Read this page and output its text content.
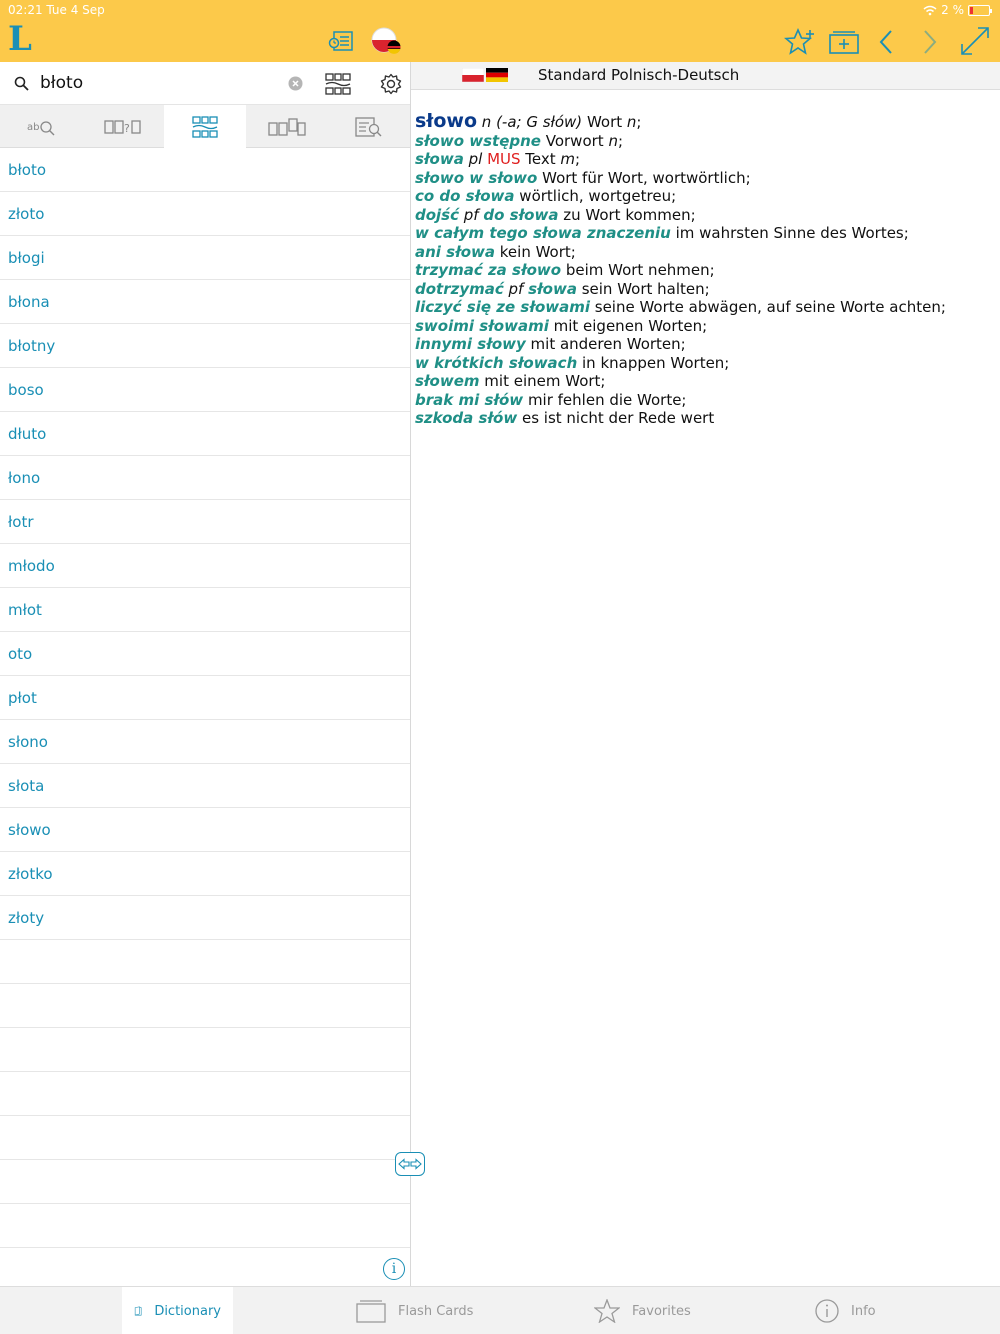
02:21 Tue 4 Sep	2 %
L
błoto
ab	?
błoto
złoto
błogi
błona
błotny
boso
dłuto
łono
łotr
młodo
młot
oto
płot
słono
słota
słowo
złotko
złoty
Standard Polnisch-Deutsch
słowo n (-a; G słów) Wort n;
słowo wstępne Vorwort n;
słowa pl MUS Text m;
słowo w słowo Wort für Wort, wortwörtlich;
co do słowa wörtlich, wortgetreu;
dojść pf do słowa zu Wort kommen;
w całym tego słowa znaczeniu im wahrsten Sinne des Wortes;
ani słowa kein Wort;
trzymać za słowo beim Wort nehmen;
dotrzymać pf słowa sein Wort halten;
liczyć się ze słowami seine Worte abwägen, auf seine Worte achten;
swoimi słowami mit eigenen Worten;
innymi słowy mit anderen Worten;
w krótkich słowach in knappen Worten;
słowem mit einem Wort;
brak mi słów mir fehlen die Worte;
szkoda słów es ist nicht der Rede wert
i
Dictionary	Flash Cards	Favorites	Info
